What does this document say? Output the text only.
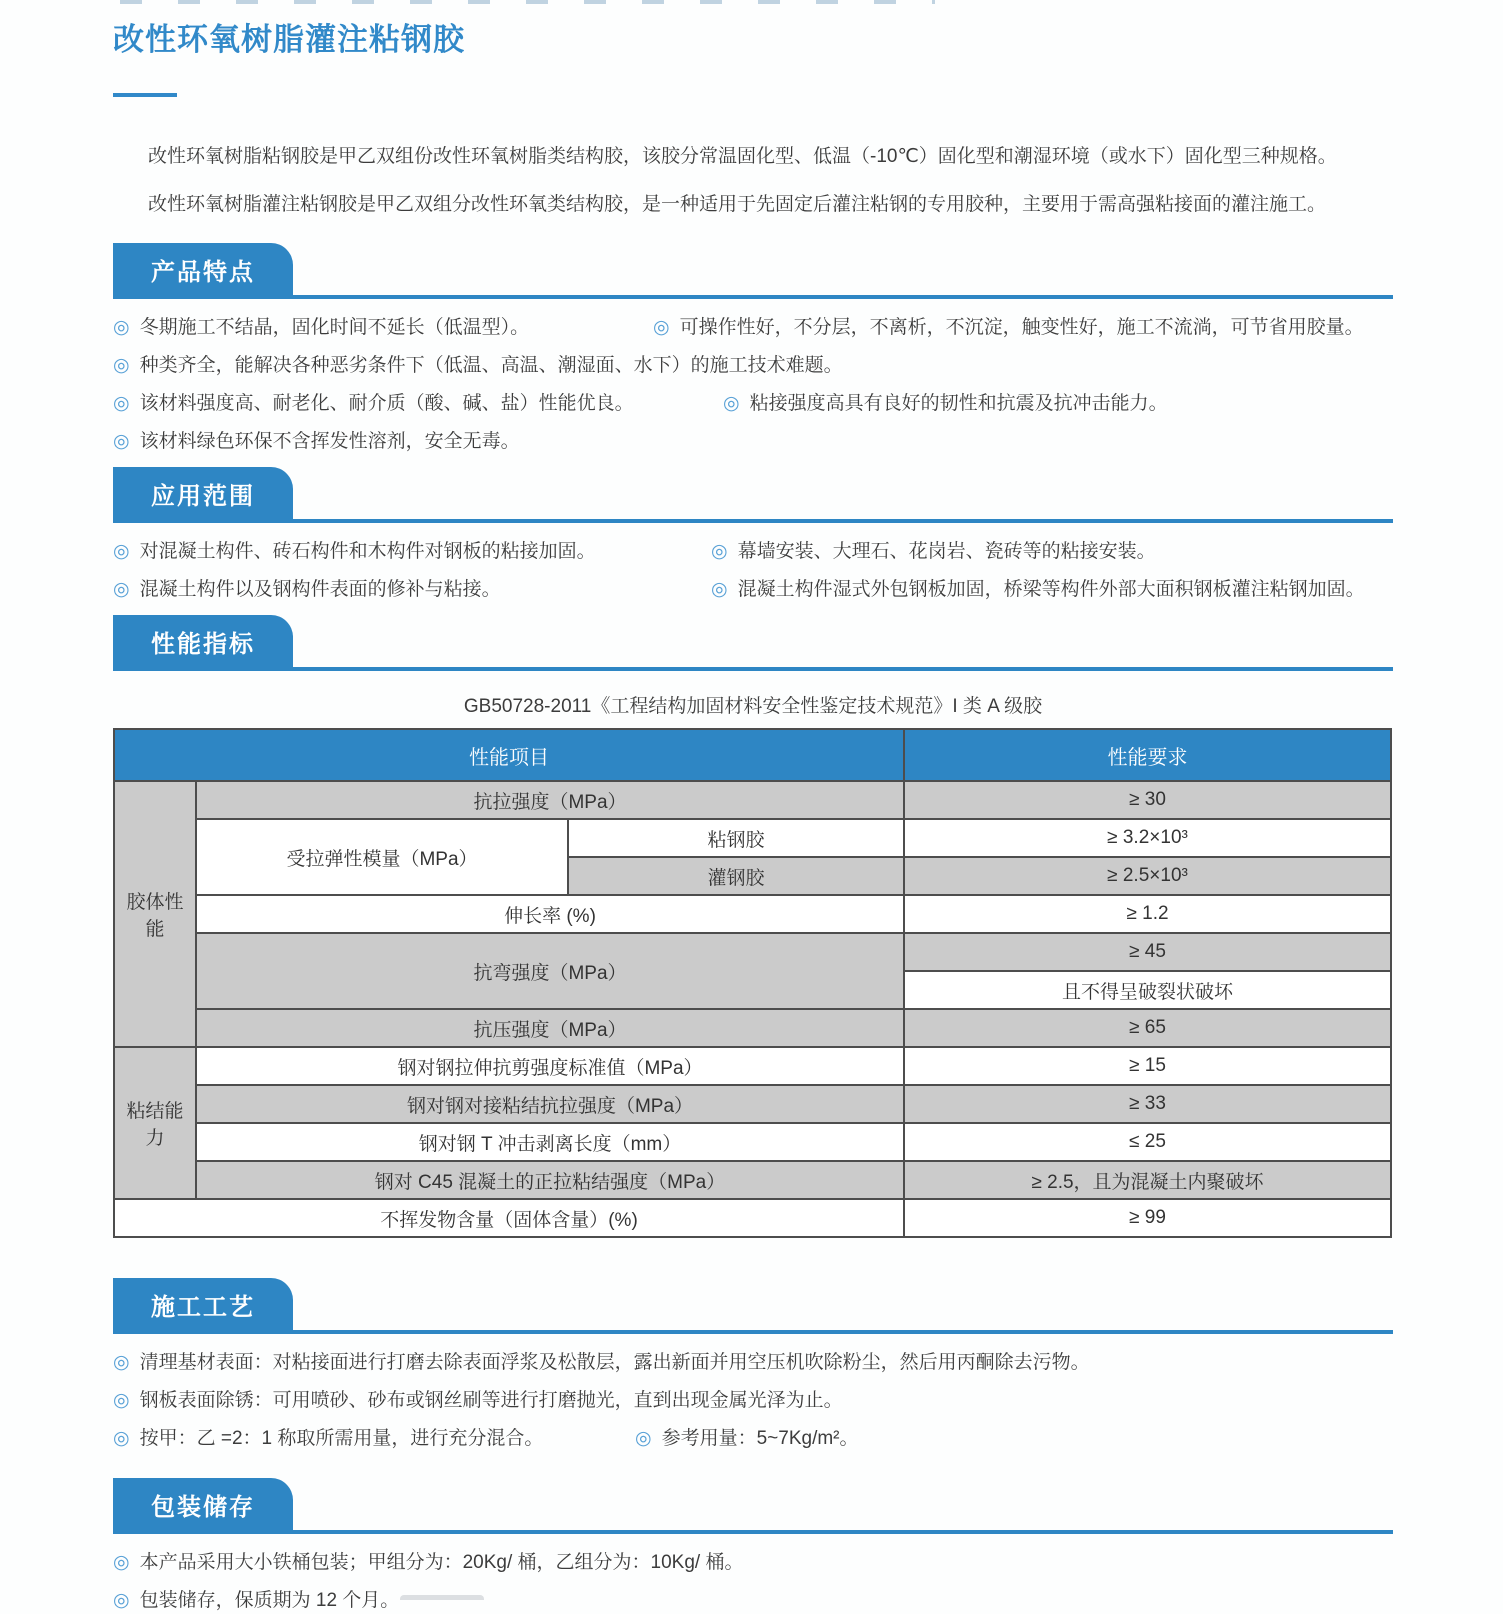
改性环氧树脂灌注粘钢胶
改性环氧树脂粘钢胶是甲乙双组份改性环氧树脂类结构胶，该胶分常温固化型、低温（-10℃）固化型和潮湿环境（或水下）固化型三种规格。
改性环氧树脂灌注粘钢胶是甲乙双组分改性环氧类结构胶，是一种适用于先固定后灌注粘钢的专用胶种，主要用于需高强粘接面的灌注施工。
产品特点
◎ 冬期施工不结晶，固化时间不延长（低温型）。	◎ 可操作性好，不分层，不离析，不沉淀，触变性好，施工不流淌，可节省用胶量。
◎ 种类齐全，能解决各种恶劣条件下（低温、高温、潮湿面、水下）的施工技术难题。
◎ 该材料强度高、耐老化、耐介质（酸、碱、盐）性能优良。	◎ 粘接强度高具有良好的韧性和抗震及抗冲击能力。
◎ 该材料绿色环保不含挥发性溶剂，安全无毒。
应用范围
◎ 对混凝土构件、砖石构件和木构件对钢板的粘接加固。	◎ 幕墙安装、大理石、花岗岩、瓷砖等的粘接安装。
◎ 混凝土构件以及钢构件表面的修补与粘接。	◎ 混凝土构件湿式外包钢板加固，桥梁等构件外部大面积钢板灌注粘钢加固。
性能指标
GB50728-2011《工程结构加固材料安全性鉴定技术规范》I 类 A 级胶
性能项目			性能要求
胶体性能	抗拉强度（MPa）		≥ 30
	受拉弹性模量（MPa）	粘钢胶	≥ 3.2×10³
		灌钢胶	≥ 2.5×10³
	伸长率 (%)		≥ 1.2
	抗弯强度（MPa）		≥ 45
			且不得呈破裂状破坏
	抗压强度（MPa）		≥ 65
粘结能力	钢对钢拉伸抗剪强度标准值（MPa）		≥ 15
	钢对钢对接粘结抗拉强度（MPa）		≥ 33
	钢对钢 T 冲击剥离长度（mm）		≤ 25
	钢对 C45 混凝土的正拉粘结强度（MPa）		≥ 2.5，且为混凝土内聚破坏
不挥发物含量（固体含量）(%)			≥ 99
施工工艺
◎ 清理基材表面：对粘接面进行打磨去除表面浮浆及松散层，露出新面并用空压机吹除粉尘，然后用丙酮除去污物。
◎ 钢板表面除锈：可用喷砂、砂布或钢丝刷等进行打磨抛光，直到出现金属光泽为止。
◎ 按甲：乙 =2：1 称取所需用量，进行充分混合。	◎ 参考用量：5~7Kg/m²。
包装储存
◎ 本产品采用大小铁桶包装；甲组分为：20Kg/ 桶，乙组分为：10Kg/ 桶。
◎ 包装储存，保质期为 12 个月。
